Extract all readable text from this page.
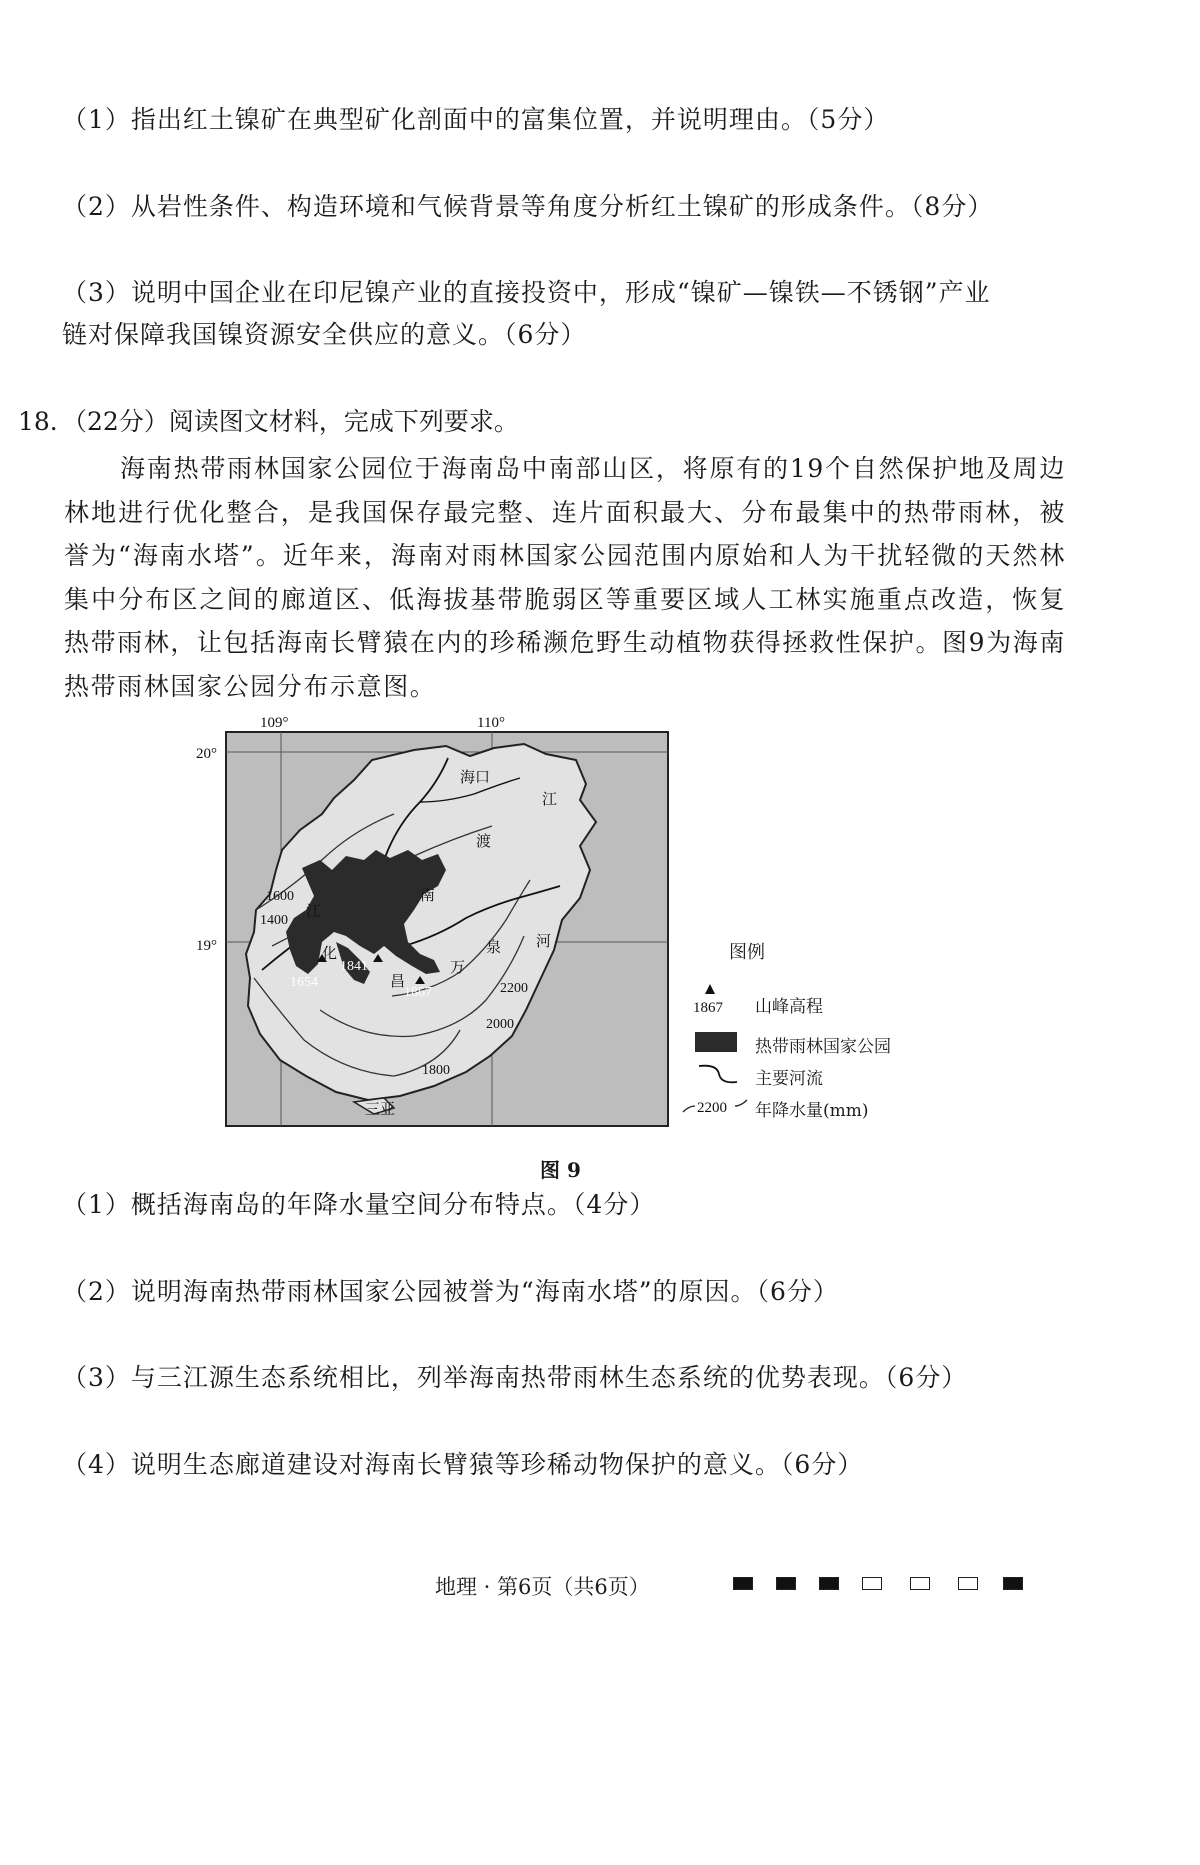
（1）指出红土镍矿在典型矿化剖面中的富集位置，并说明理由。（5分）
（2）从岩性条件、构造环境和气候背景等角度分析红土镍矿的形成条件。（8分）
（3）说明中国企业在印尼镍产业的直接投资中，形成“镍矿—镍铁—不锈钢”产业
链对保障我国镍资源安全供应的意义。（6分）
18. （22分）阅读图文材料，完成下列要求。
海南热带雨林国家公园位于海南岛中南部山区，将原有的19个自然保护地及周边林地进行优化整合，是我国保存最完整、连片面积最大、分布最集中的热带雨林，被誉为“海南水塔”。近年来，海南对雨林国家公园范围内原始和人为干扰轻微的天然林集中分布区之间的廊道区、低海拔基带脆弱区等重要区域人工林实施重点改造，恢复热带雨林，让包括海南长臂猿在内的珍稀濒危野生动植物获得拯救性保护。图9为海南热带雨林国家公园分布示意图。
109°	110°
20°
19°
海口
三亚
江
渡
南
江
化
昌
万
泉 河
1600
1400
1800
2000
2200
1654
1841
1867
图例
1867 山峰高程
热带雨林国家公园
主要河流
2200 年降水量(mm)
图 9
（1）概括海南岛的年降水量空间分布特点。（4分）
（2）说明海南热带雨林国家公园被誉为“海南水塔”的原因。（6分）
（3）与三江源生态系统相比，列举海南热带雨林生态系统的优势表现。（6分）
（4）说明生态廊道建设对海南长臂猿等珍稀动物保护的意义。（6分）
地理 · 第6页（共6页）
